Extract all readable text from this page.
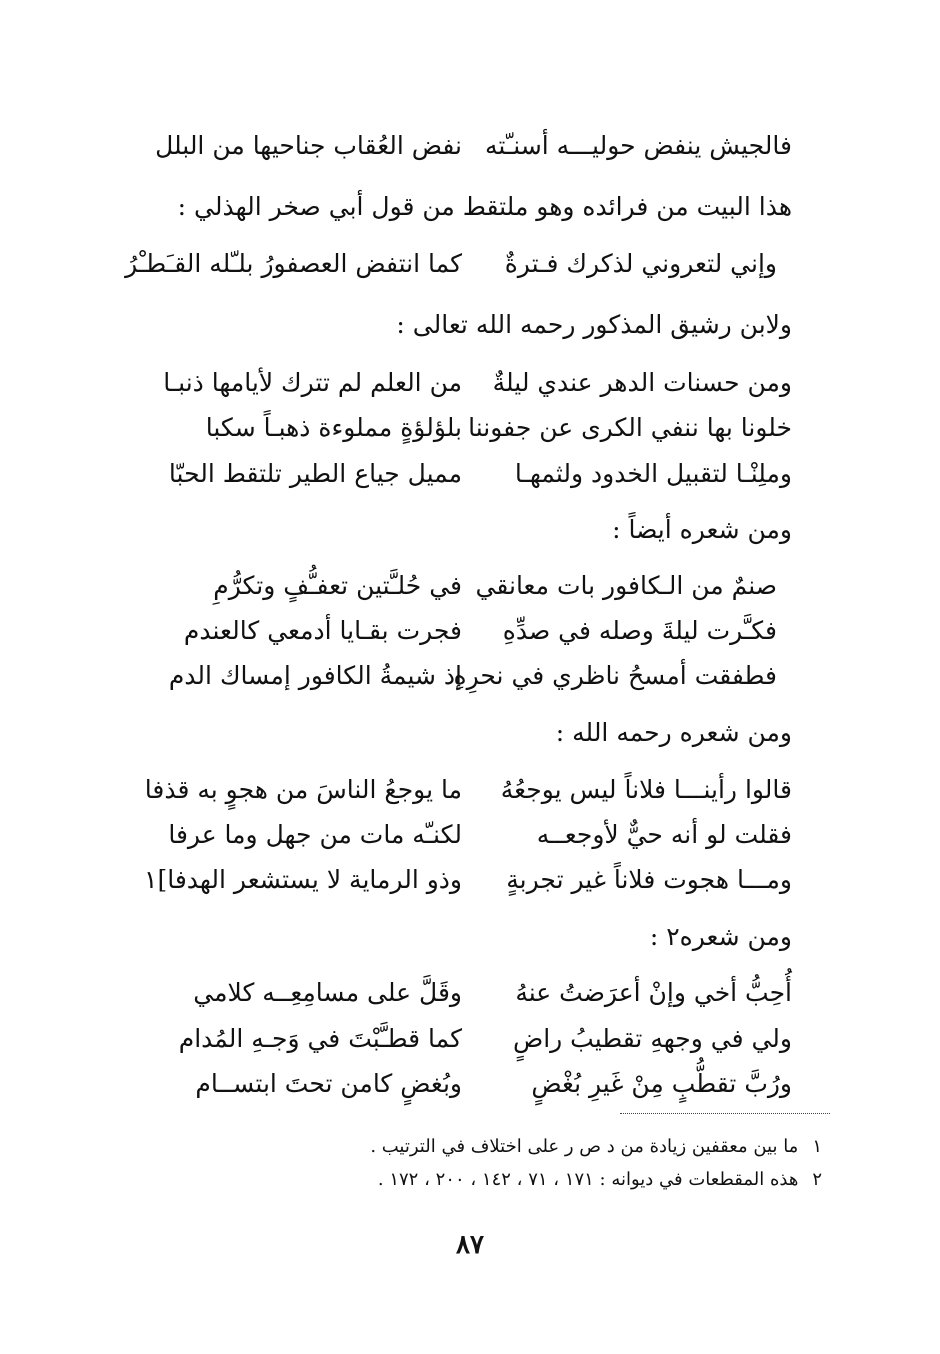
فالجيش ينفض حوليـــه أسنـّته
نفض العُقاب جناحيها من البلل
هذا البيت من فرائده وهو ملتقط من قول أبي صخر الهذلي :
وإني لتعروني لذكرك فـترةٌ
كما انتفض العصفورُ بلـّله القـَطـْرُ
ولابن رشيق المذكور رحمه الله تعالى :
ومن حسنات الدهر عندي ليلةٌ
من العلم لم تترك لأيامها ذنبـا
خلونا بها ننفي الكرى عن جفوننا
بلؤلؤةٍ مملوءة ذهبـاً سكبا
وملِنْـا لتقبيل الخدود ولثمهـا
مميل جياع الطير تلتقط الحبّا
ومن شعره أيضاً :
صنمٌ من الـكافور بات معانقي
في حُلـَّتين تعفـُّفٍ وتكرُّمِ
فكـَّرت ليلةَ وصله في صدِّهِ
فجرت بقـايا أدمعي كالعندم
فطفقت أمسحُ ناظري في نحرِهِ
إذ شيمةُ الكافور إمساك الدم
ومن شعره رحمه الله :
قالوا رأينـــا فلاناً ليس يوجعُهُ
ما يوجعُ الناسَ من هجوٍ به قذفا
فقلت لو أنه حيٌّ لأوجعــه
لكنـّه مات من جهل وما عرفا
ومـــا هجوت فلاناً غير تجربةٍ
وذو الرماية لا يستشعر الهدفا]١
ومن شعره٢ :
أُحِبُّ أخي وإنْ أعرَضتُ عنهُ
وقَلَّ على مسامِعِــه كلامي
ولي في وجههِ تقطيبُ راضٍ
كما قطـَّبْتَ في وَجـهِ المُدام
ورُبَّ تقطُّبٍ مِنْ غَيرِ بُغْضٍ
وبُغضٍ كامن تحتَ ابتســام
١ما بين معقفين زيادة من د ص ر على اختلاف في الترتيب .
٢هذه المقطعات في ديوانه : ١٧١ ، ٧١ ، ١٤٢ ، ٢٠٠ ، ١٧٢ .
٨٧
